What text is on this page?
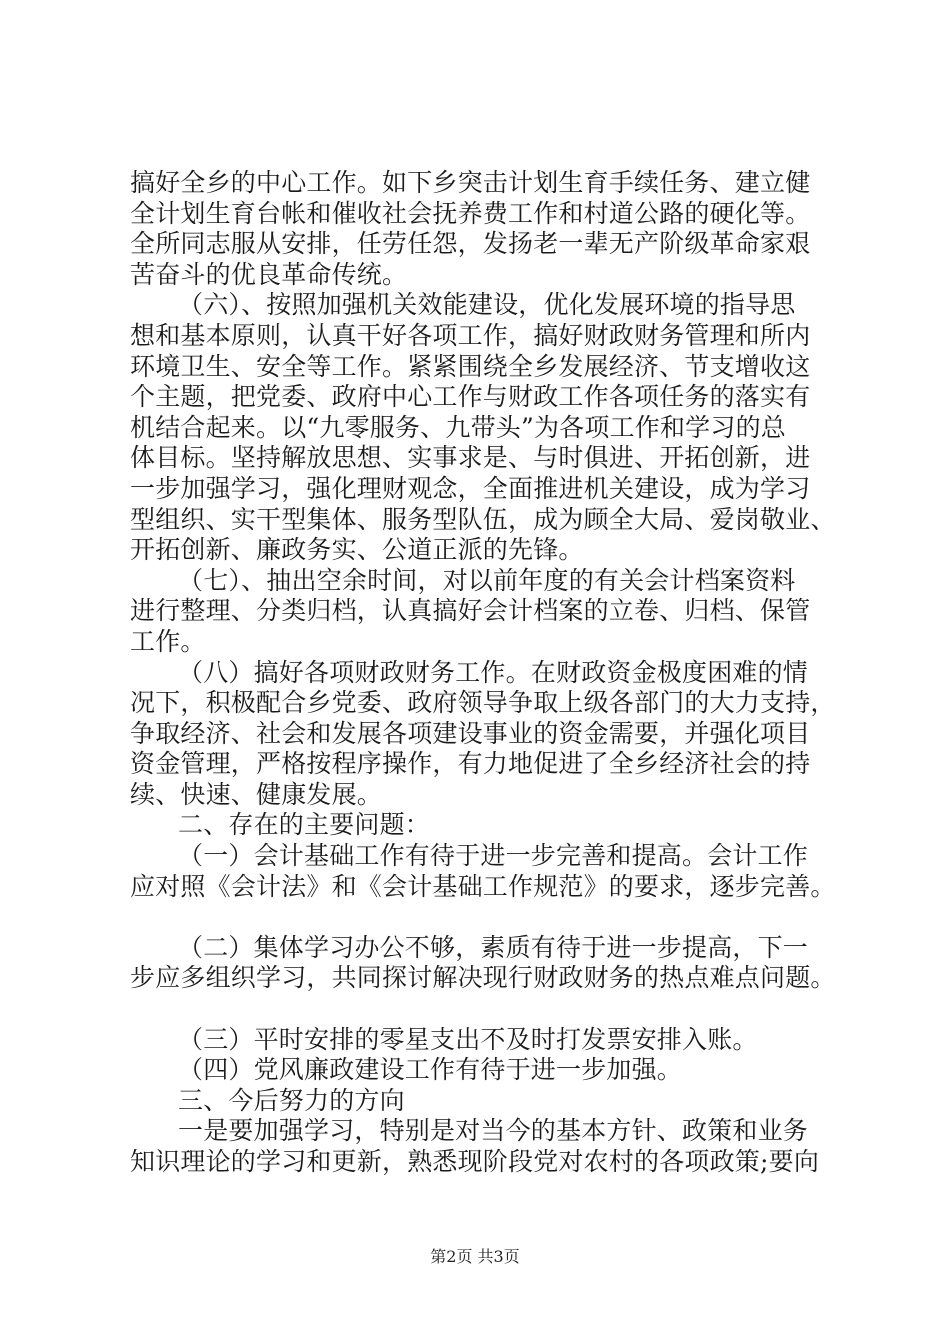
搞好全乡的中心工作。如下乡突击计划生育手续任务、建立健
全计划生育台帐和催收社会抚养费工作和村道公路的硬化等。
全所同志服从安排，任劳任怨，发扬老一辈无产阶级革命家艰
苦奋斗的优良革命传统。
（六）、按照加强机关效能建设，优化发展环境的指导思
想和基本原则，认真干好各项工作，搞好财政财务管理和所内
环境卫生、安全等工作。紧紧围绕全乡发展经济、节支增收这
个主题，把党委、政府中心工作与财政工作各项任务的落实有
机结合起来。以“九零服务、九带头”为各项工作和学习的总
体目标。坚持解放思想、实事求是、与时俱进、开拓创新，进
一步加强学习，强化理财观念，全面推进机关建设，成为学习
型组织、实干型集体、服务型队伍，成为顾全大局、爱岗敬业、
开拓创新、廉政务实、公道正派的先锋。
（七）、抽出空余时间，对以前年度的有关会计档案资料
进行整理、分类归档，认真搞好会计档案的立卷、归档、保管
工作。
（八）搞好各项财政财务工作。在财政资金极度困难的情
况下，积极配合乡党委、政府领导争取上级各部门的大力支持，
争取经济、社会和发展各项建设事业的资金需要，并强化项目
资金管理，严格按程序操作，有力地促进了全乡经济社会的持
续、快速、健康发展。
二、存在的主要问题：
（一）会计基础工作有待于进一步完善和提高。会计工作
应对照《会计法》和《会计基础工作规范》的要求，逐步完善。
（二）集体学习办公不够，素质有待于进一步提高，下一
步应多组织学习，共同探讨解决现行财政财务的热点难点问题。
（三）平时安排的零星支出不及时打发票安排入账。
（四）党风廉政建设工作有待于进一步加强。
三、今后努力的方向
一是要加强学习，特别是对当今的基本方针、政策和业务
知识理论的学习和更新，熟悉现阶段党对农村的各项政策;要向
第2页 共3页
